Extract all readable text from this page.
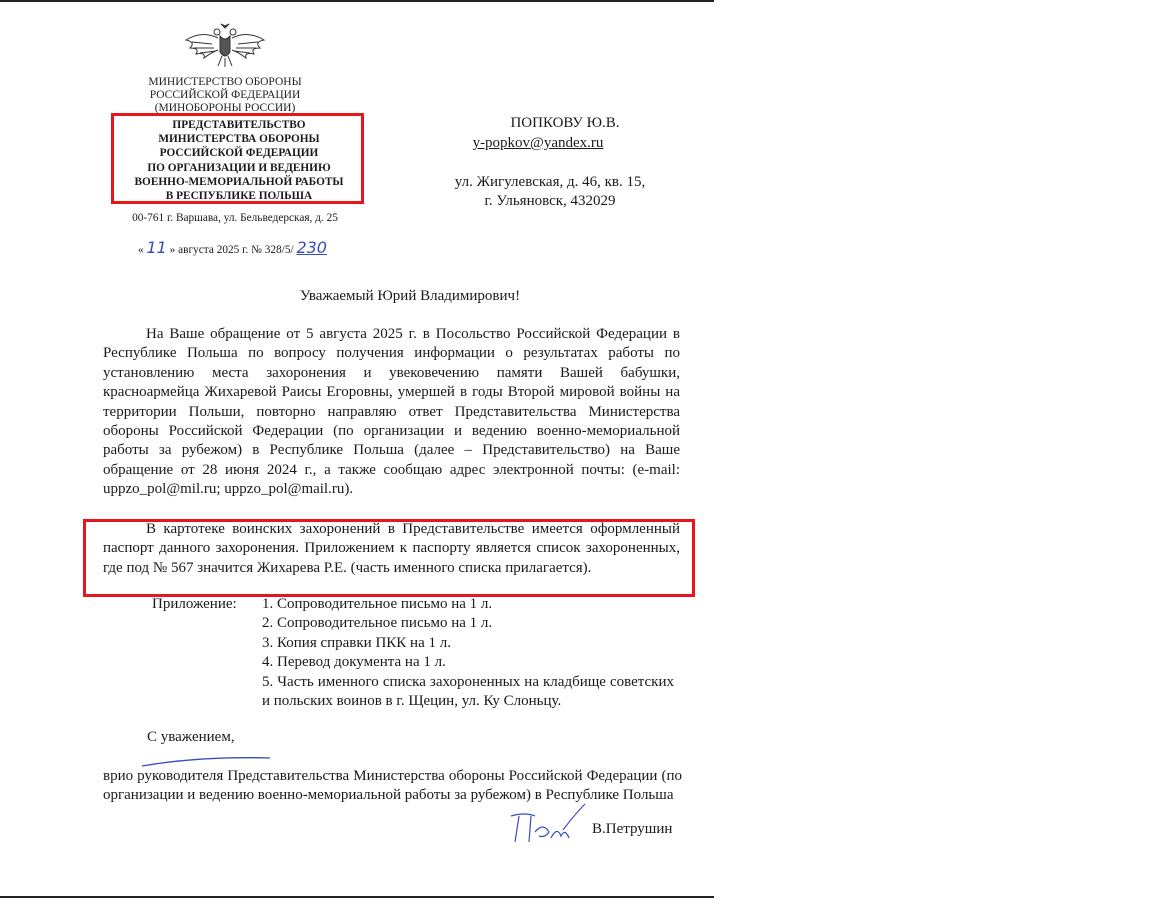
МИНИСТЕРСТВО ОБОРОНЫ
РОССИЙСКОЙ ФЕДЕРАЦИИ
(МИНОБОРОНЫ РОССИИ)
ПРЕДСТАВИТЕЛЬСТВО
МИНИСТЕРСТВА ОБОРОНЫ
РОССИЙСКОЙ ФЕДЕРАЦИИ
ПО ОРГАНИЗАЦИИ И ВЕДЕНИЮ
ВОЕННО-МЕМОРИАЛЬНОЙ РАБОТЫ
В РЕСПУБЛИКЕ ПОЛЬША
00-761 г. Варшава, ул. Бельведерская, д. 25
« 11 » августа 2025 г. № 328/5/ 230
ПОПКОВУ Ю.В.
y-popkov@yandex.ru
ул. Жигулевская, д. 46, кв. 15,
г. Ульяновск, 432029
Уважаемый Юрий Владимирович!
На Ваше обращение от 5 августа 2025 г. в Посольство Российской Федерации в Республике Польша по вопросу получения информации о результатах работы по установлению места захоронения и увековечению памяти Вашей бабушки, красноармейца Жихаревой Раисы Егоровны, умершей в годы Второй мировой войны на территории Польши, повторно направляю ответ Представительства Министерства обороны Российской Федерации (по организации и ведению военно-мемориальной работы за рубежом) в Республике Польша (далее – Представительство) на Ваше обращение от 28 июня 2024 г., а также сообщаю адрес электронной почты: (e-mail: uppzo_pol@mil.ru; uppzo_pol@mail.ru).
В картотеке воинских захоронений в Представительстве имеется оформленный паспорт данного захоронения. Приложением к паспорту является список захороненных, где под № 567 значится Жихарева Р.Е. (часть именного списка прилагается).
Приложение: 1. Сопроводительное письмо на 1 л.
2. Сопроводительное письмо на 1 л.
3. Копия справки ПКК на 1 л.
4. Перевод документа на 1 л.
5. Часть именного списка захороненных на кладбище советских и польских воинов в г. Щецин, ул. Ку Слоньцу.
С уважением,
врио руководителя Представительства Министерства обороны Российской Федерации (по организации и ведению военно-мемориальной работы за рубежом) в Республике Польша
В.Петрушин
